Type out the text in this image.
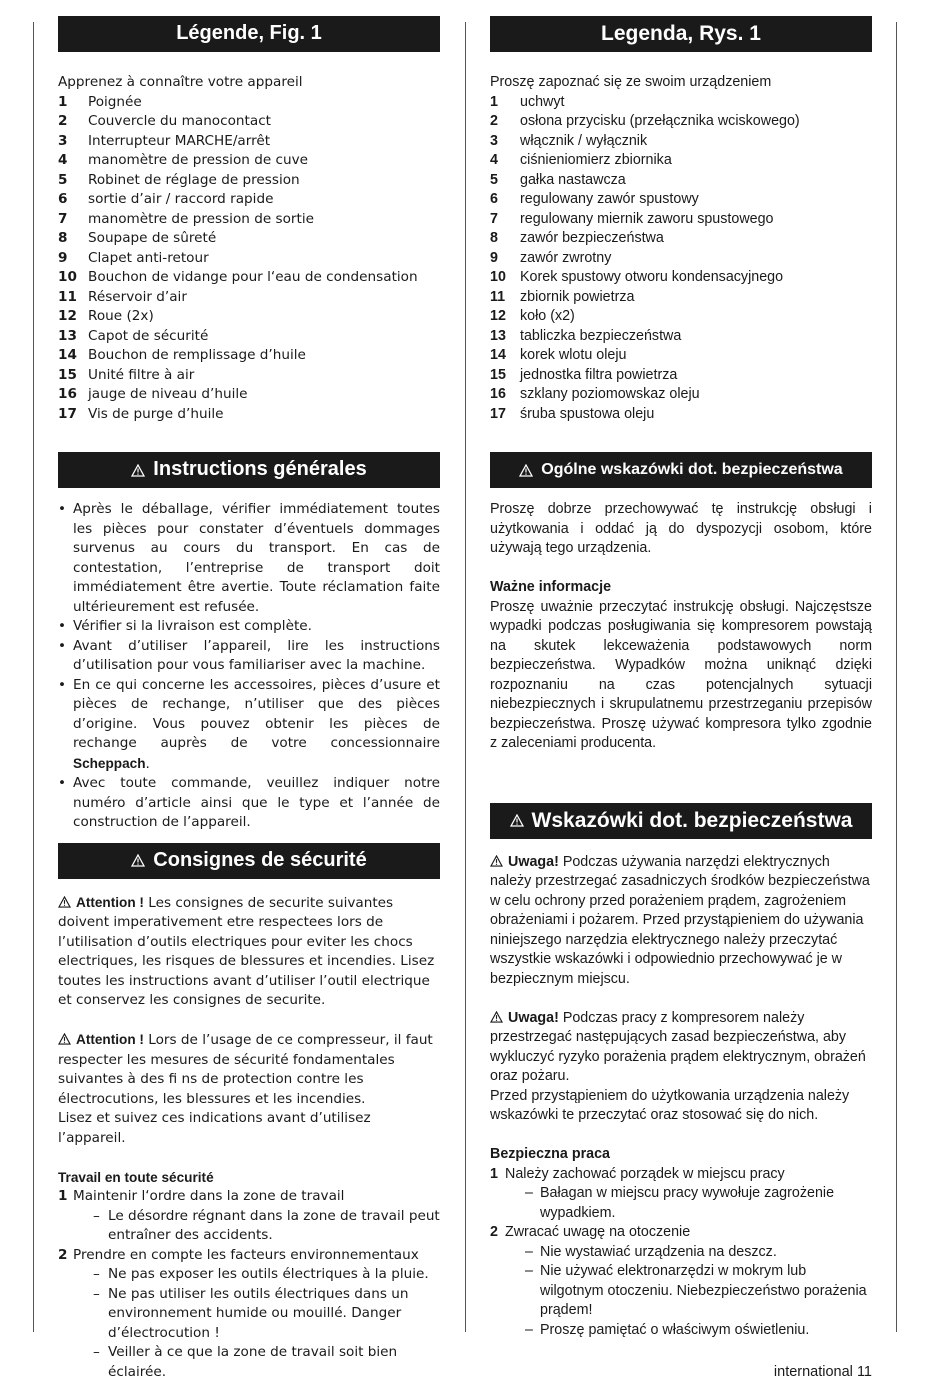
Légende, Fig. 1

Apprenez à connaître votre appareil

1	Poignée
2	Couvercle du manocontact
3	Interrupteur MARCHE/arrêt
4	manomètre de pression de cuve
5	Robinet de réglage de pression
6	sortie d’air / raccord rapide
7	manomètre de pression de sortie
8	Soupape de sûreté
9	Clapet anti-retour
10 Bouchon de vidange pour l‘eau de condensation
11 Réservoir d’air
12 Roue (2x)
13 Capot de sécurité
14 Bouchon de remplissage d’huile
15 Unité filtre à air
16 jauge de niveau d’huile
17 Vis de purge d’huile
Instructions générales
• Après le déballage, vérifier immédiatement toutes les pièces pour constater d’éventuels dommages survenus au cours du transport. En cas de contestation, l’entreprise de transport doit immédiatement être avertie. Toute réclamation faite ultérieurement est refusée.
• Vérifier si la livraison est complète.
• Avant d’utiliser l’appareil, lire les instructions d’utilisation pour vous familiariser avec la machine.
• En ce qui concerne les accessoires, pièces d’usure et pièces de rechange, n’utiliser que des pièces d’origine. Vous pouvez obtenir les pièces de rechange auprès de votre concessionnaire Scheppach.
• Avec toute commande, veuillez indiquer notre numéro d’article ainsi que le type et l’année de construction de l’appareil.
Consignes de sécurité

Attention ! Les consignes de securite suivantes doivent imperativement etre respectees lors de l’utilisation d’outils electriques pour eviter les chocs electriques, les risques de blessures et incendies. Lisez toutes les instructions avant d’utiliser l’outil electrique et conservez les consignes de securite.

Attention ! Lors de l’usage de ce compresseur, il faut respecter les mesures de sécurité fondamentales suivantes à des fi ns de protection contre les électrocutions, les blessures et les incendies.

Lisez et suivez ces indications avant d’utilisez l’appareil.

Travail en toute sécurité

1 Maintenir l‘ordre dans la zone de travail
– Le désordre régnant dans la zone de travail peut entraîner des accidents.
2 Prendre en compte les facteurs environnementaux
– Ne pas exposer les outils électriques à la pluie.
– Ne pas utiliser les outils électriques dans un environnement humide ou mouillé. Danger d’électrocution !
– Veiller à ce que la zone de travail soit bien éclairée.
Legenda, Rys. 1

Proszę zapoznać się ze swoim urządzeniem

1	uchwyt
2	osłona przycisku (przełącznika wciskowego)
3	włącznik / wyłącznik
4	ciśnieniomierz zbiornika
5	gałka nastawcza
6	regulowany zawór spustowy
7	regulowany miernik zaworu spustowego
8	zawór bezpieczeństwa
9	zawór zwrotny
10 Korek spustowy otworu kondensacyjnego
11	zbiornik powietrza
12 koło (x2)
13 tabliczka bezpieczeństwa
14 korek wlotu oleju
15 jednostka filtra powietrza
16 szklany poziomowskaz oleju
17 śruba spustowa oleju
Ogólne wskazówki dot. bezpieczeństwa

Proszę dobrze przechowywać tę instrukcję obsługi i użytkowania i oddać ją do dyspozycji osobom, które używają tego urządzenia.

Ważne informacje

Proszę uważnie przeczytać instrukcję obsługi. Najczęstsze wypadki podczas posługiwania się kompresorem powstają na skutek lekceważenia podstawowych norm bezpieczeństwa. Wypadków można uniknąć dzięki rozpoznaniu na czas potencjalnych sytuacji niebezpiecznych i skrupulatnemu przestrzeganiu przepisów bezpieczeństwa. Proszę używać kompresora tylko zgodnie z zaleceniami producenta.

Wskazówki dot. bezpieczeństwa

Uwaga! Podczas używania narzędzi elektrycznych należy przestrzegać zasadniczych środków bezpieczeństwa w celu ochrony przed porażeniem prądem, zagrożeniem obrażeniami i pożarem. Przed przystąpieniem do używania niniejszego narzędzia elektrycznego należy przeczytać wszystkie wskazówki i odpowiednio przechowywać je w bezpiecznym miejscu.

Uwaga! Podczas pracy z kompresorem należy przestrzegać następujących zasad bezpieczeństwa, aby wykluczyć ryzyko porażenia prądem elektrycznym, obrażeń oraz pożaru.

Przed przystąpieniem do użytkowania urządzenia należy wskazówki te przeczytać oraz stosować się do nich.

Bezpieczna praca

1 Należy zachować porządek w miejscu pracy
– Bałagan w miejscu pracy wywołuje zagrożenie wypadkiem.
2 Zwracać uwagę na otoczenie
– Nie wystawiać urządzenia na deszcz.
– Nie używać elektronarzędzi w mokrym lub wilgotnym otoczeniu. Niebezpieczeństwo porażenia prądem!
– Proszę pamiętać o właściwym oświetleniu.
international 11
